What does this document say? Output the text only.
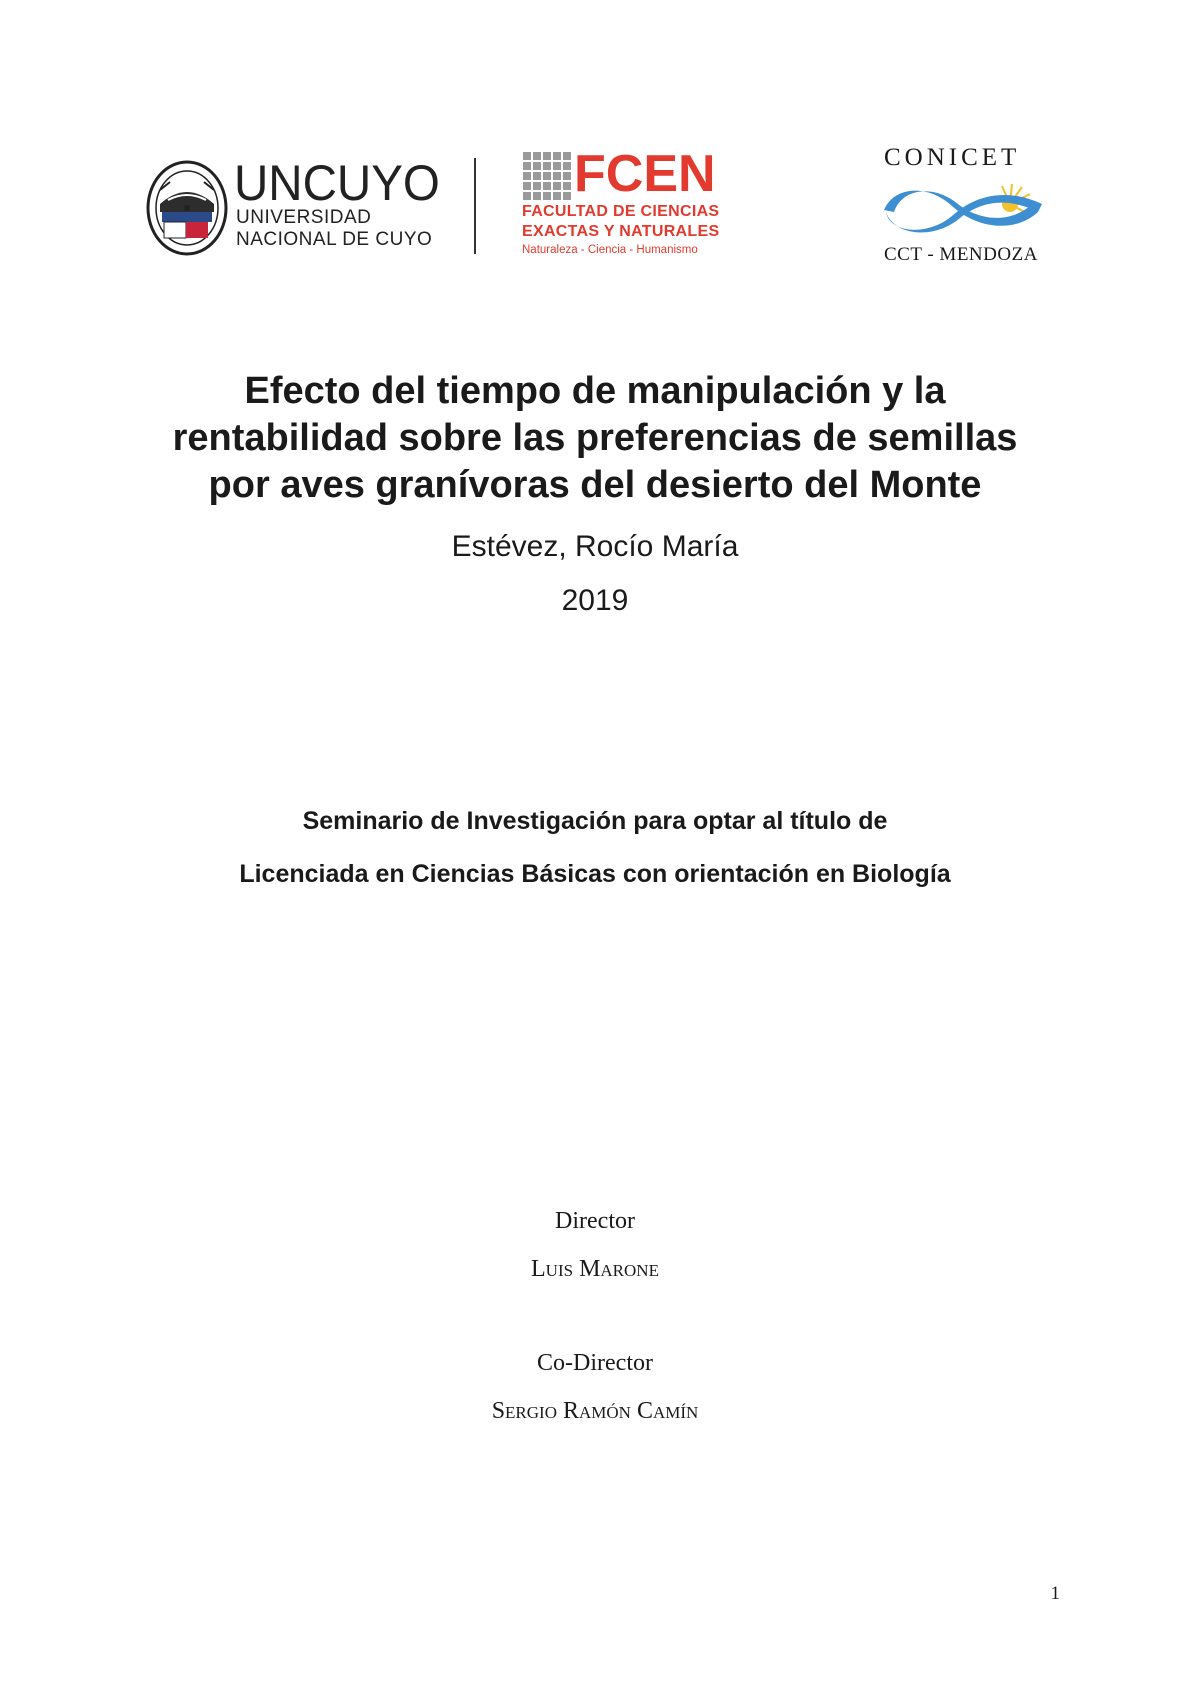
UNCUYO
UNIVERSIDAD
NACIONAL DE CUYO
FCEN
FACULTAD DE CIENCIAS
EXACTAS Y NATURALES
Naturaleza - Ciencia - Humanismo
CONICET
CCT - MENDOZA
Efecto del tiempo de manipulación y la
rentabilidad sobre las preferencias de semillas
por aves granívoras del desierto del Monte
Estévez, Rocío María
2019
Seminario de Investigación para optar al título de
Licenciada en Ciencias Básicas con orientación en Biología
Director
Luis Marone
Co-Director
Sergio Ramón Camín
1
